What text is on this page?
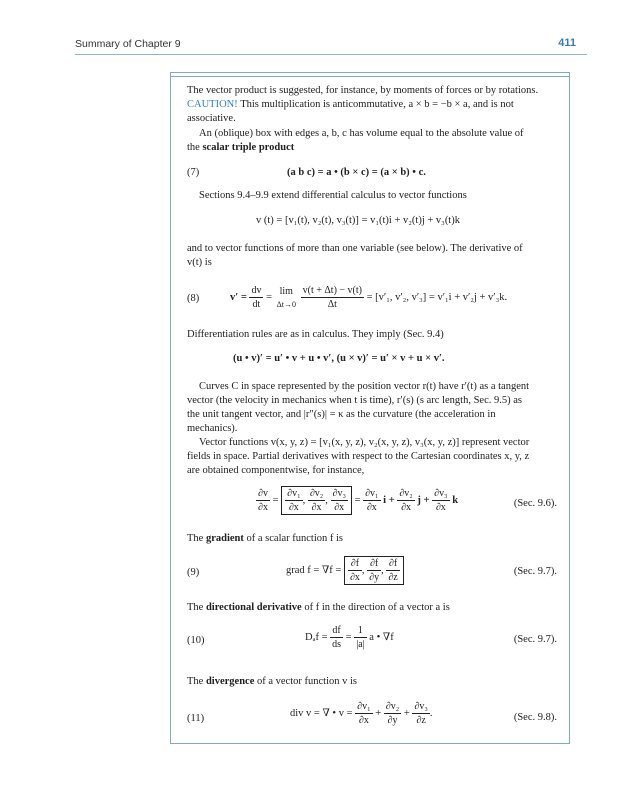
Summary of Chapter 9	411
The vector product is suggested, for instance, by moments of forces or by rotations.
CAUTION! This multiplication is anticommutative, a × b = −b × a, and is not
associative.
An (oblique) box with edges a, b, c has volume equal to the absolute value of
the scalar triple product
(7)	(a b c) = a • (b × c) = (a × b) • c.
Sections 9.4–9.9 extend differential calculus to vector functions
v (t) = [v₁(t), v₂(t), v₃(t)] = v₁(t)i + v₂(t)j + v₃(t)k
and to vector functions of more than one variable (see below). The derivative of
v(t) is
(8)	$v' = \frac{dv}{dt}$ =
lim
Δt→0
$\frac{v(t + \Delta t) - v(t)}{\Delta t} = [v'_1$, v′₂, v′₃] = v′₁i + v′₂j + v′₃k.
Differentiation rules are as in calculus. They imply (Sec. 9.4)
(u • v)′ = u′ • v + u • v′, (u × v)′ = u′ × v + u × v′.
Curves C in space represented by the position vector r(t) have r′(t) as a tangent
vector (the velocity in mechanics when t is time), r′(s) (s arc length, Sec. 9.5) as
the unit tangent vector, and |r″(s)| = κ as the curvature (the acceleration in
mechanics).
Vector functions v(x, y, z) = [v₁(x, y, z), v₂(x, y, z), v₃(x, y, z)] represent vector
fields in space. Partial derivatives with respect to the Cartesian coordinates x, y, z
are obtained componentwise, for instance,
$\frac{\partial v}{\partial x} = \frac{\text{∂v₁}}{\partial x}$ , $\frac{\text{∂v₂}}{\partial x}$ , $\frac{\text{∂v₃}}{\partial x} = \frac{\text{∂v₁}}{\partial x}$ $i + \frac{\text{∂v₂}}{\partial x}$ $j + \frac{\text{∂v₃}}{\partial x}$ k	(Sec. 9.6).
The gradient of a scalar function f is
(9)	grad $f = \nabla f = \frac{\partial f}{\partial x}$ , $\frac{\partial f}{\partial y}$ , $\frac{\partial f}{\partial z}$	(Sec. 9.7).
The directional derivative of f in the direction of a vector a is
(10)	$D_af = \frac{df}{ds} = \frac{1}{|a|}$ a • ∇f	(Sec. 9.7).
The divergence of a vector function v is
(11)	div v = ∇ • $v = \frac{\text{∂v₁}}{\partial x} + \frac{\text{∂v₂}}{\partial y} + \frac{\text{∂v₃}}{\partial z}$ .	(Sec. 9.8).
